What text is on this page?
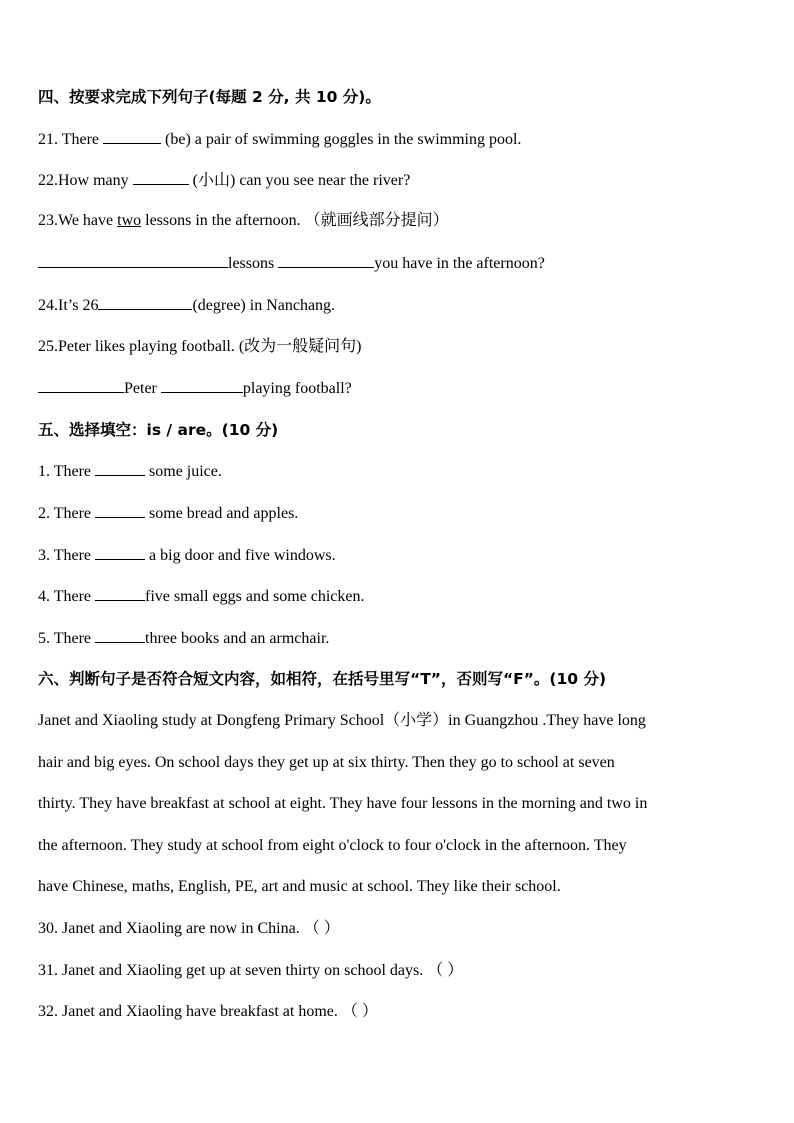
四、按要求完成下列句子(每题 2 分, 共 10 分)。
21. There	(be) a pair of swimming goggles in the swimming pool.
22.How many	(小山) can you see near the river?
23.We have two lessons in the afternoon. （就画线部分提问）
lessons	you have in the afternoon?
24.It’s 26	(degree) in Nanchang.
25.Peter likes playing football. (改为一般疑问句)
Peter	playing football?
五、选择填空：is / are。(10 分)
1. There	some juice.
2. There	some bread and apples.
3. There	a big door and five windows.
4. There	five small eggs and some chicken.
5. There	three books and an armchair.
六、判断句子是否符合短文内容，如相符，在括号里写“T”，否则写“F”。(10 分)
Janet and Xiaoling study at Dongfeng Primary School（小学）in Guangzhou .They have long
hair and big eyes. On school days they get up at six thirty. Then they go to school at seven
thirty. They have breakfast at school at eight. They have four lessons in the morning and two in
the afternoon. They study at school from eight o'clock to four o'clock in the afternoon. They
have Chinese, maths, English, PE, art and music at school. They like their school.
30. Janet and Xiaoling are now in China. （ ）
31. Janet and Xiaoling get up at seven thirty on school days. （ ）
32. Janet and Xiaoling have breakfast at home. （ ）
